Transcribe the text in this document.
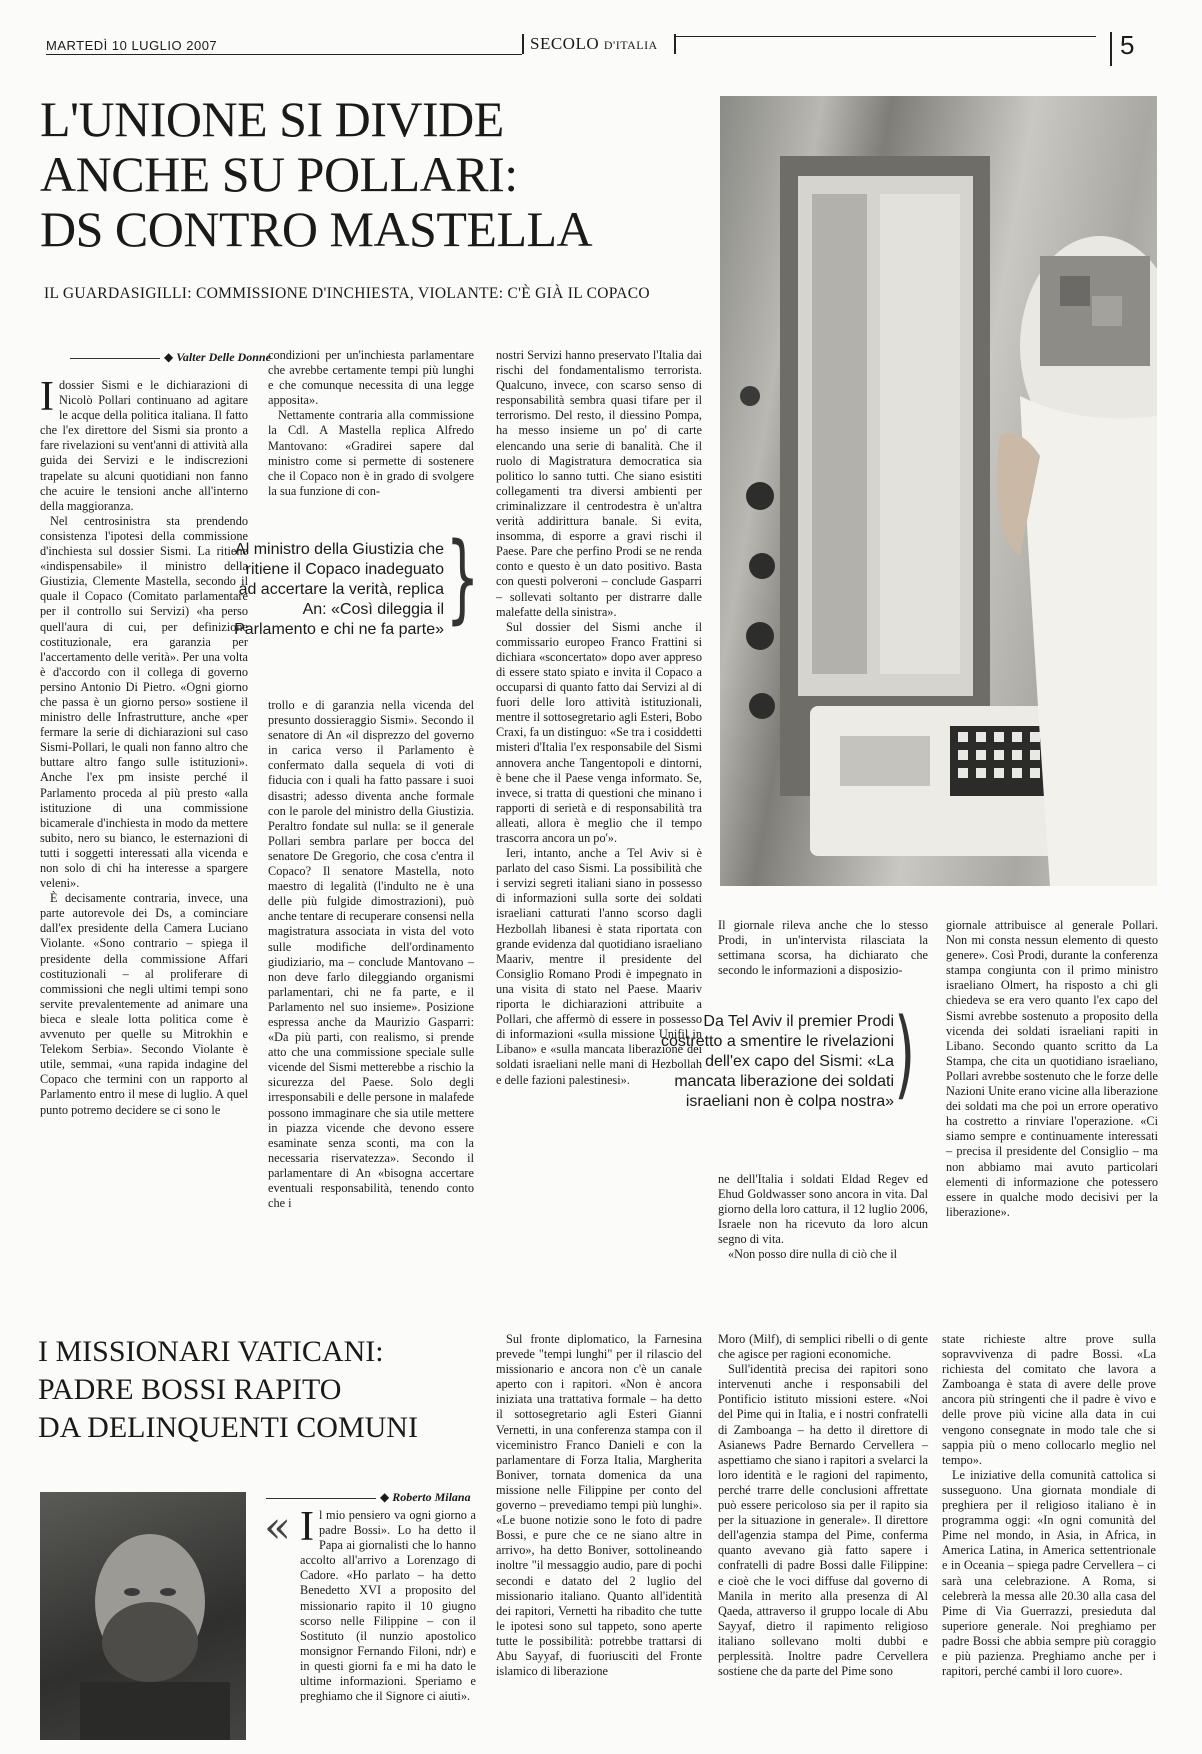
MARTEDÌ 10 LUGLIO 2007	SECOLO D'ITALIA	5
L'UNIONE SI DIVIDE
ANCHE SU POLLARI:
DS CONTRO MASTELLA
IL GUARDASIGILLI: COMMISSIONE D'INCHIESTA, VIOLANTE: C'È GIÀ IL COPACO
◆ Valter Delle Donne

Idossier Sismi e le dichiarazioni di Nicolò Pollari continuano ad agitare le acque della politica italiana. Il fatto che l'ex direttore del Sismi sia pronto a fare rivelazioni su vent'anni di attività alla guida dei Servizi e le indiscrezioni trapelate su alcuni quotidiani non fanno che acuire le tensioni anche all'interno della maggioranza.

Nel centrosinistra sta prendendo consistenza l'ipotesi della commissione d'inchiesta sul dossier Sismi. La ritiene «indispensabile» il ministro della Giustizia, Clemente Mastella, secondo il quale il Copaco (Comitato parlamentare per il controllo sui Servizi) «ha perso quell'aura di cui, per definizione costituzionale, era garanzia per l'accertamento delle verità». Per una volta è d'accordo con il collega di governo persino Antonio Di Pietro. «Ogni giorno che passa è un giorno perso» sostiene il ministro delle Infrastrutture, anche «per fermare la serie di dichiarazioni sul caso Sismi-Pollari, le quali non fanno altro che buttare altro fango sulle istituzioni». Anche l'ex pm insiste perché il Parlamento proceda al più presto «alla istituzione di una commissione bicamerale d'inchiesta in modo da mettere subito, nero su bianco, le esternazioni di tutti i soggetti interessati alla vicenda e non solo di chi ha interesse a spargere veleni».

È decisamente contraria, invece, una parte autorevole dei Ds, a cominciare dall'ex presidente della Camera Luciano Violante. «Sono contrario – spiega il presidente della commissione Affari costituzionali – al proliferare di commissioni che negli ultimi tempi sono servite prevalentemente ad animare una bieca e sleale lotta politica come è avvenuto per quelle su Mitrokhin e Telekom Serbia». Secondo Violante è utile, semmai, «una rapida indagine del Copaco che termini con un rapporto al Parlamento entro il mese di luglio. A quel punto potremo decidere se ci sono le

condizioni per un'inchiesta parlamentare che avrebbe certamente tempi più lunghi e che comunque necessita di una legge apposita».

Nettamente contraria alla commissione la Cdl. A Mastella replica Alfredo Mantovano: «Gradirei sapere dal ministro come si permette di sostenere che il Copaco non è in grado di svolgere la sua funzione di con-

Al ministro della Giustizia che ritiene il Copaco inadeguato ad accertare la verità, replica An: «Così dileggia il Parlamento e chi ne fa parte» }

trollo e di garanzia nella vicenda del presunto dossieraggio Sismi». Secondo il senatore di An «il disprezzo del governo in carica verso il Parlamento è confermato dalla sequela di voti di fiducia con i quali ha fatto passare i suoi disastri; adesso diventa anche formale con le parole del ministro della Giustizia. Peraltro fondate sul nulla: se il generale Pollari sembra parlare per bocca del senatore De Gregorio, che cosa c'entra il Copaco? Il senatore Mastella, noto maestro di legalità (l'indulto ne è una delle più fulgide dimostrazioni), può anche tentare di recuperare consensi nella magistratura associata in vista del voto sulle modifiche dell'ordinamento giudiziario, ma – conclude Mantovano – non deve farlo dileggiando organismi parlamentari, chi ne fa parte, e il Parlamento nel suo insieme». Posizione espressa anche da Maurizio Gasparri: «Da più parti, con realismo, si prende atto che una commissione speciale sulle vicende del Sismi metterebbe a rischio la sicurezza del Paese. Solo degli irresponsabili e delle persone in malafede possono immaginare che sia utile mettere in piazza vicende che devono essere esaminate senza sconti, ma con la necessaria riservatezza». Secondo il parlamentare di An «bisogna accertare eventuali responsabilità, tenendo conto che i

nostri Servizi hanno preservato l'Italia dai rischi del fondamentalismo terrorista. Qualcuno, invece, con scarso senso di responsabilità sembra quasi tifare per il terrorismo. Del resto, il diessino Pompa, ha messo insieme un po' di carte elencando una serie di banalità. Che il ruolo di Magistratura democratica sia politico lo sanno tutti. Che siano esistiti collegamenti tra diversi ambienti per criminalizzare il centrodestra è un'altra verità addirittura banale. Si evita, insomma, di esporre a gravi rischi il Paese. Pare che perfino Prodi se ne renda conto e questo è un dato positivo. Basta con questi polveroni – conclude Gasparri – sollevati soltanto per distrarre dalle malefatte della sinistra».

Sul dossier del Sismi anche il commissario europeo Franco Frattini si dichiara «sconcertato» dopo aver appreso di essere stato spiato e invita il Copaco a occuparsi di quanto fatto dai Servizi al di fuori delle loro attività istituzionali, mentre il sottosegretario agli Esteri, Bobo Craxi, fa un distinguo: «Se tra i cosiddetti misteri d'Italia l'ex responsabile del Sismi annovera anche Tangentopoli e dintorni, è bene che il Paese venga informato. Se, invece, si tratta di questioni che minano i rapporti di serietà e di responsabilità tra alleati, allora è meglio che il tempo trascorra ancora un po'».

Ieri, intanto, anche a Tel Aviv si è parlato del caso Sismi. La possibilità che i servizi segreti italiani siano in possesso di informazioni sulla sorte dei soldati israeliani catturati l'anno scorso dagli Hezbollah libanesi è stata riportata con grande evidenza dal quotidiano israeliano Maariv, mentre il presidente del Consiglio Romano Prodi è impegnato in una visita di stato nel Paese. Maariv riporta le dichiarazioni attribuite a Pollari, che affermò di essere in possesso di informazioni «sulla missione Unifil in Libano» e «sulla mancata liberazione dei soldati israeliani nelle mani di Hezbollah e delle fazioni palestinesi».

Il giornale rileva anche che lo stesso Prodi, in un'intervista rilasciata la settimana scorsa, ha dichiarato che secondo le informazioni a disposizio-

Da Tel Aviv il premier Prodi costretto a smentire le rivelazioni dell'ex capo del Sismi: «La mancata liberazione dei soldati israeliani non è colpa nostra» )

ne dell'Italia i soldati Eldad Regev ed Ehud Goldwasser sono ancora in vita. Dal giorno della loro cattura, il 12 luglio 2006, Israele non ha ricevuto da loro alcun segno di vita.

«Non posso dire nulla di ciò che il

giornale attribuisce al generale Pollari. Non mi consta nessun elemento di questo genere». Così Prodi, durante la conferenza stampa congiunta con il primo ministro israeliano Olmert, ha risposto a chi gli chiedeva se era vero quanto l'ex capo del Sismi avrebbe sostenuto a proposito della vicenda dei soldati israeliani rapiti in Libano. Secondo quanto scritto da La Stampa, che cita un quotidiano israeliano, Pollari avrebbe sostenuto che le forze delle Nazioni Unite erano vicine alla liberazione dei soldati ma che poi un errore operativo ha costretto a rinviare l'operazione. «Ci siamo sempre e continuamente interessati – precisa il presidente del Consiglio – ma non abbiamo mai avuto particolari elementi di informazione che potessero essere in qualche modo decisivi per la liberazione».

I MISSIONARI VATICANI:
PADRE BOSSI RAPITO
DA DELINQUENTI COMUNI
◆ Roberto Milana
« Il mio pensiero va ogni giorno a padre Bossi». Lo ha detto il Papa ai giornalisti che lo hanno accolto all'arrivo a Lorenzago di Cadore. «Ho parlato – ha detto Benedetto XVI a proposito del missionario rapito il 10 giugno scorso nelle Filippine – con il Sostituto (il nunzio apostolico monsignor Fernando Filoni, ndr) e in questi giorni fa e mi ha dato le ultime informazioni. Speriamo e preghiamo che il Signore ci aiuti».

Sul fronte diplomatico, la Farnesina prevede "tempi lunghi" per il rilascio del missionario e ancora non c'è un canale aperto con i rapitori. «Non è ancora iniziata una trattativa formale – ha detto il sottosegretario agli Esteri Gianni Vernetti, in una conferenza stampa con il viceministro Franco Danieli e con la parlamentare di Forza Italia, Margherita Boniver, tornata domenica da una missione nelle Filippine per conto del governo – prevediamo tempi più lunghi». «Le buone notizie sono le foto di padre Bossi, e pure che ce ne siano altre in arrivo», ha detto Boniver, sottolineando inoltre "il messaggio audio, pare di pochi secondi e datato del 2 luglio del missionario italiano. Quanto all'identità dei rapitori, Vernetti ha ribadito che tutte le ipotesi sono sul tappeto, sono aperte tutte le possibilità: potrebbe trattarsi di Abu Sayyaf, di fuoriusciti del Fronte islamico di liberazione

Moro (Milf), di semplici ribelli o di gente che agisce per ragioni economiche.

Sull'identità precisa dei rapitori sono intervenuti anche i responsabili del Pontificio istituto missioni estere. «Noi del Pime qui in Italia, e i nostri confratelli di Zamboanga – ha detto il direttore di Asianews Padre Bernardo Cervellera – aspettiamo che siano i rapitori a svelarci la loro identità e le ragioni del rapimento, perché trarre delle conclusioni affrettate può essere pericoloso sia per il rapito sia per la situazione in generale». Il direttore dell'agenzia stampa del Pime, conferma quanto avevano già fatto sapere i confratelli di padre Bossi dalle Filippine: e cioè che le voci diffuse dal governo di Manila in merito alla presenza di Al Qaeda, attraverso il gruppo locale di Abu Sayyaf, dietro il rapimento religioso italiano sollevano molti dubbi e perplessità. Inoltre padre Cervellera sostiene che da parte del Pime sono

state richieste altre prove sulla sopravvivenza di padre Bossi. «La richiesta del comitato che lavora a Zamboanga è stata di avere delle prove ancora più stringenti che il padre è vivo e delle prove più vicine alla data in cui vengono consegnate in modo tale che si sappia più o meno collocarlo meglio nel tempo».

Le iniziative della comunità cattolica si susseguono. Una giornata mondiale di preghiera per il religioso italiano è in programma oggi: «In ogni comunità del Pime nel mondo, in Asia, in Africa, in America Latina, in America settentrionale e in Oceania – spiega padre Cervellera – ci sarà una celebrazione. A Roma, si celebrerà la messa alle 20.30 alla casa del Pime di Via Guerrazzi, presieduta dal superiore generale. Noi preghiamo per padre Bossi che abbia sempre più coraggio e più pazienza. Preghiamo anche per i rapitori, perché cambi il loro cuore».
